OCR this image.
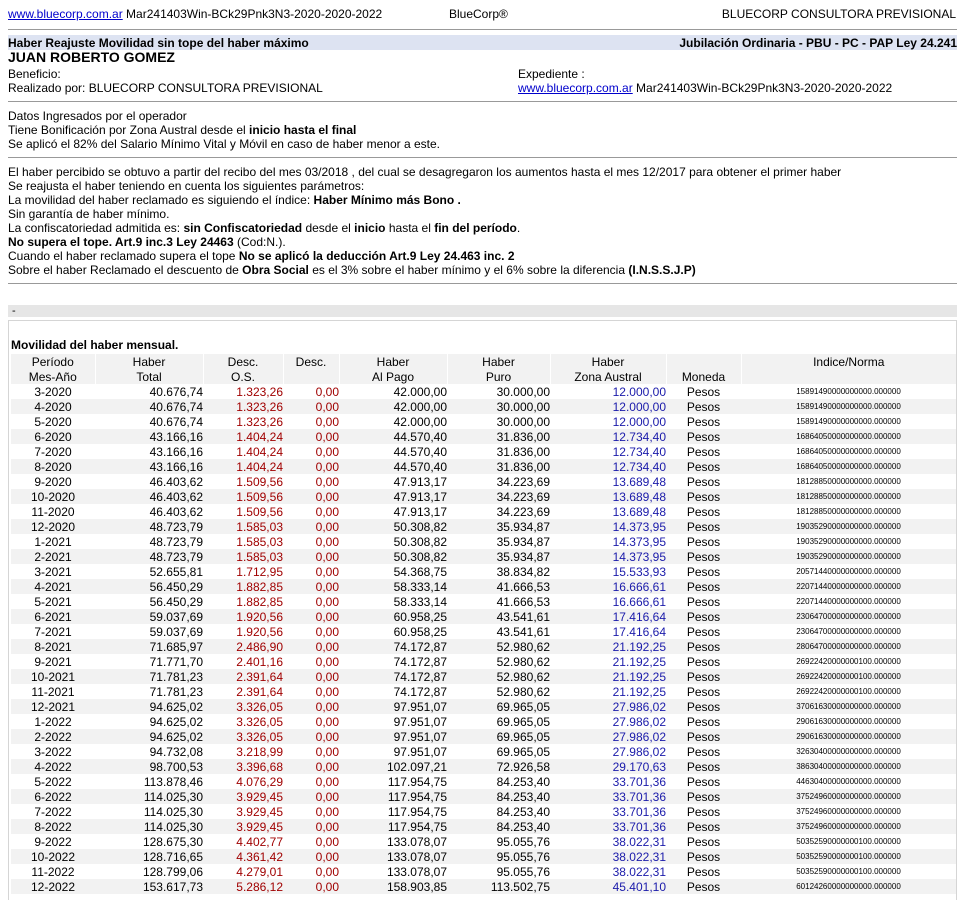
www.bluecorp.com.ar Mar241403Win-BCk29Pnk3N3-2020-2020-2022	BlueCorp®	BLUECORP CONSULTORA PREVISIONAL
Haber Reajuste Movilidad sin tope del haber máximo	Jubilación Ordinaria - PBU - PC - PAP Ley 24.241
JUAN ROBERTO GOMEZ
Beneficio:
Realizado por: BLUECORP CONSULTORA PREVISIONAL
Expediente :
www.bluecorp.com.ar Mar241403Win-BCk29Pnk3N3-2020-2020-2022
Datos Ingresados por el operador
Tiene Bonificación por Zona Austral desde el inicio hasta el final
Se aplicó el 82% del Salario Mínimo Vital y Móvil en caso de haber menor a este.
El haber percibido se obtuvo a partir del recibo del mes 03/2018 , del cual se desagregaron los aumentos hasta el mes 12/2017 para obtener el primer haber
Se reajusta el haber teniendo en cuenta los siguientes parámetros:
La movilidad del haber reclamado es siguiendo el índice: Haber Mínimo más Bono .
Sin garantía de haber mínimo.
La confiscatoriedad admitida es: sin Confiscatoriedad desde el inicio hasta el fin del período.
No supera el tope. Art.9 inc.3 Ley 24463 (Cod:N.).
Cuando el haber reclamado supera el tope No se aplicó la deducción Art.9 Ley 24.463 inc. 2
Sobre el haber Reclamado el descuento de Obra Social es el 3% sobre el haber mínimo y el 6% sobre la diferencia (I.N.S.S.J.P)
-
Movilidad del haber mensual.
Período	Haber	Desc.	Desc.	Haber	Haber	Haber		Indice/Norma
Mes-Año	Total	O.S.		Al Pago	Puro	Zona Austral	Moneda	
3-2020	40.676,74	1.323,26	0,00	42.000,00	30.000,00	12.000,00	Pesos	15891490000000000.000000
4-2020	40.676,74	1.323,26	0,00	42.000,00	30.000,00	12.000,00	Pesos	15891490000000000.000000
5-2020	40.676,74	1.323,26	0,00	42.000,00	30.000,00	12.000,00	Pesos	15891490000000000.000000
6-2020	43.166,16	1.404,24	0,00	44.570,40	31.836,00	12.734,40	Pesos	16864050000000000.000000
7-2020	43.166,16	1.404,24	0,00	44.570,40	31.836,00	12.734,40	Pesos	16864050000000000.000000
8-2020	43.166,16	1.404,24	0,00	44.570,40	31.836,00	12.734,40	Pesos	16864050000000000.000000
9-2020	46.403,62	1.509,56	0,00	47.913,17	34.223,69	13.689,48	Pesos	18128850000000000.000000
10-2020	46.403,62	1.509,56	0,00	47.913,17	34.223,69	13.689,48	Pesos	18128850000000000.000000
11-2020	46.403,62	1.509,56	0,00	47.913,17	34.223,69	13.689,48	Pesos	18128850000000000.000000
12-2020	48.723,79	1.585,03	0,00	50.308,82	35.934,87	14.373,95	Pesos	19035290000000000.000000
1-2021	48.723,79	1.585,03	0,00	50.308,82	35.934,87	14.373,95	Pesos	19035290000000000.000000
2-2021	48.723,79	1.585,03	0,00	50.308,82	35.934,87	14.373,95	Pesos	19035290000000000.000000
3-2021	52.655,81	1.712,95	0,00	54.368,75	38.834,82	15.533,93	Pesos	20571440000000000.000000
4-2021	56.450,29	1.882,85	0,00	58.333,14	41.666,53	16.666,61	Pesos	22071440000000000.000000
5-2021	56.450,29	1.882,85	0,00	58.333,14	41.666,53	16.666,61	Pesos	22071440000000000.000000
6-2021	59.037,69	1.920,56	0,00	60.958,25	43.541,61	17.416,64	Pesos	23064700000000000.000000
7-2021	59.037,69	1.920,56	0,00	60.958,25	43.541,61	17.416,64	Pesos	23064700000000000.000000
8-2021	71.685,97	2.486,90	0,00	74.172,87	52.980,62	21.192,25	Pesos	28064700000000000.000000
9-2021	71.771,70	2.401,16	0,00	74.172,87	52.980,62	21.192,25	Pesos	26922420000000100.000000
10-2021	71.781,23	2.391,64	0,00	74.172,87	52.980,62	21.192,25	Pesos	26922420000000100.000000
11-2021	71.781,23	2.391,64	0,00	74.172,87	52.980,62	21.192,25	Pesos	26922420000000100.000000
12-2021	94.625,02	3.326,05	0,00	97.951,07	69.965,05	27.986,02	Pesos	37061630000000000.000000
1-2022	94.625,02	3.326,05	0,00	97.951,07	69.965,05	27.986,02	Pesos	29061630000000000.000000
2-2022	94.625,02	3.326,05	0,00	97.951,07	69.965,05	27.986,02	Pesos	29061630000000000.000000
3-2022	94.732,08	3.218,99	0,00	97.951,07	69.965,05	27.986,02	Pesos	32630400000000000.000000
4-2022	98.700,53	3.396,68	0,00	102.097,21	72.926,58	29.170,63	Pesos	38630400000000000.000000
5-2022	113.878,46	4.076,29	0,00	117.954,75	84.253,40	33.701,36	Pesos	44630400000000000.000000
6-2022	114.025,30	3.929,45	0,00	117.954,75	84.253,40	33.701,36	Pesos	37524960000000000.000000
7-2022	114.025,30	3.929,45	0,00	117.954,75	84.253,40	33.701,36	Pesos	37524960000000000.000000
8-2022	114.025,30	3.929,45	0,00	117.954,75	84.253,40	33.701,36	Pesos	37524960000000000.000000
9-2022	128.675,30	4.402,77	0,00	133.078,07	95.055,76	38.022,31	Pesos	50352590000000100.000000
10-2022	128.716,65	4.361,42	0,00	133.078,07	95.055,76	38.022,31	Pesos	50352590000000100.000000
11-2022	128.799,06	4.279,01	0,00	133.078,07	95.055,76	38.022,31	Pesos	50352590000000100.000000
12-2022	153.617,73	5.286,12	0,00	158.903,85	113.502,75	45.401,10	Pesos	60124260000000000.000000
